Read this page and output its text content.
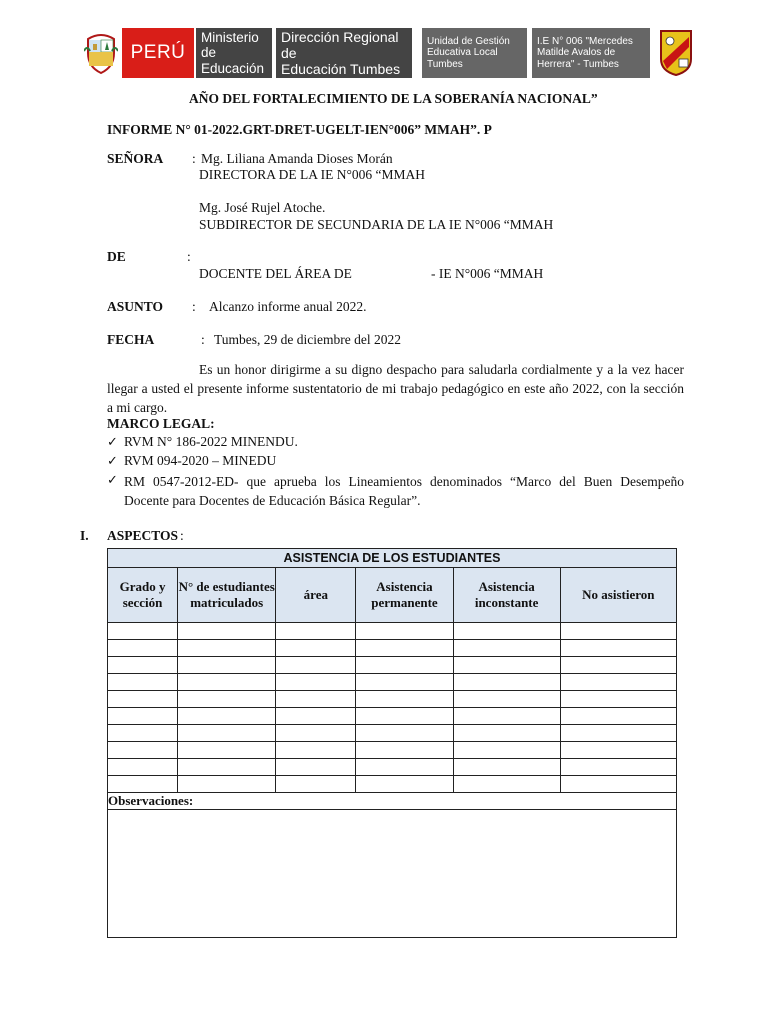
PERÚ
Ministerio de
Educación
Dirección Regional de
Educación Tumbes
Unidad de Gestión
Educativa Local
Tumbes
I.E N° 006 "Mercedes
Matilde Avalos de
Herrera" - Tumbes
AÑO DEL FORTALECIMIENTO DE LA SOBERANÍA NACIONAL”
INFORME N° 01-2022.GRT-DRET-UGELT-IEN°006” MMAH”. P
SEÑORA : Mg. Liliana Amanda Dioses Morán
DIRECTORA DE LA IE N°006 “MMAH
Mg. José Rujel Atoche.
SUBDIRECTOR DE SECUNDARIA DE LA IE N°006 “MMAH
DE	:
DOCENTE DEL ÁREA DE	- IE N°006 “MMAH
ASUNTO : Alcanzo informe anual 2022.
FECHA	: Tumbes, 29 de diciembre del 2022
Es un honor dirigirme a su digno despacho para saludarla cordialmente y a la vez hacer llegar a usted el presente informe sustentatorio de mi trabajo pedagógico en este año 2022, con la sección a mi cargo.
MARCO LEGAL:
✓ RVM N° 186-2022 MINENDU.
✓ RVM 094-2020 – MINEDU
✓ RM 0547-2012-ED- que aprueba los Lineamientos denominados “Marco del Buen Desempeño Docente para Docentes de Educación Básica Regular”.
I. ASPECTOS :
ASISTENCIA DE LOS ESTUDIANTES					
Grado y sección	N° de estudiantes matriculados	área	Asistencia permanente	Asistencia inconstante	No asistieron

Observaciones:					
